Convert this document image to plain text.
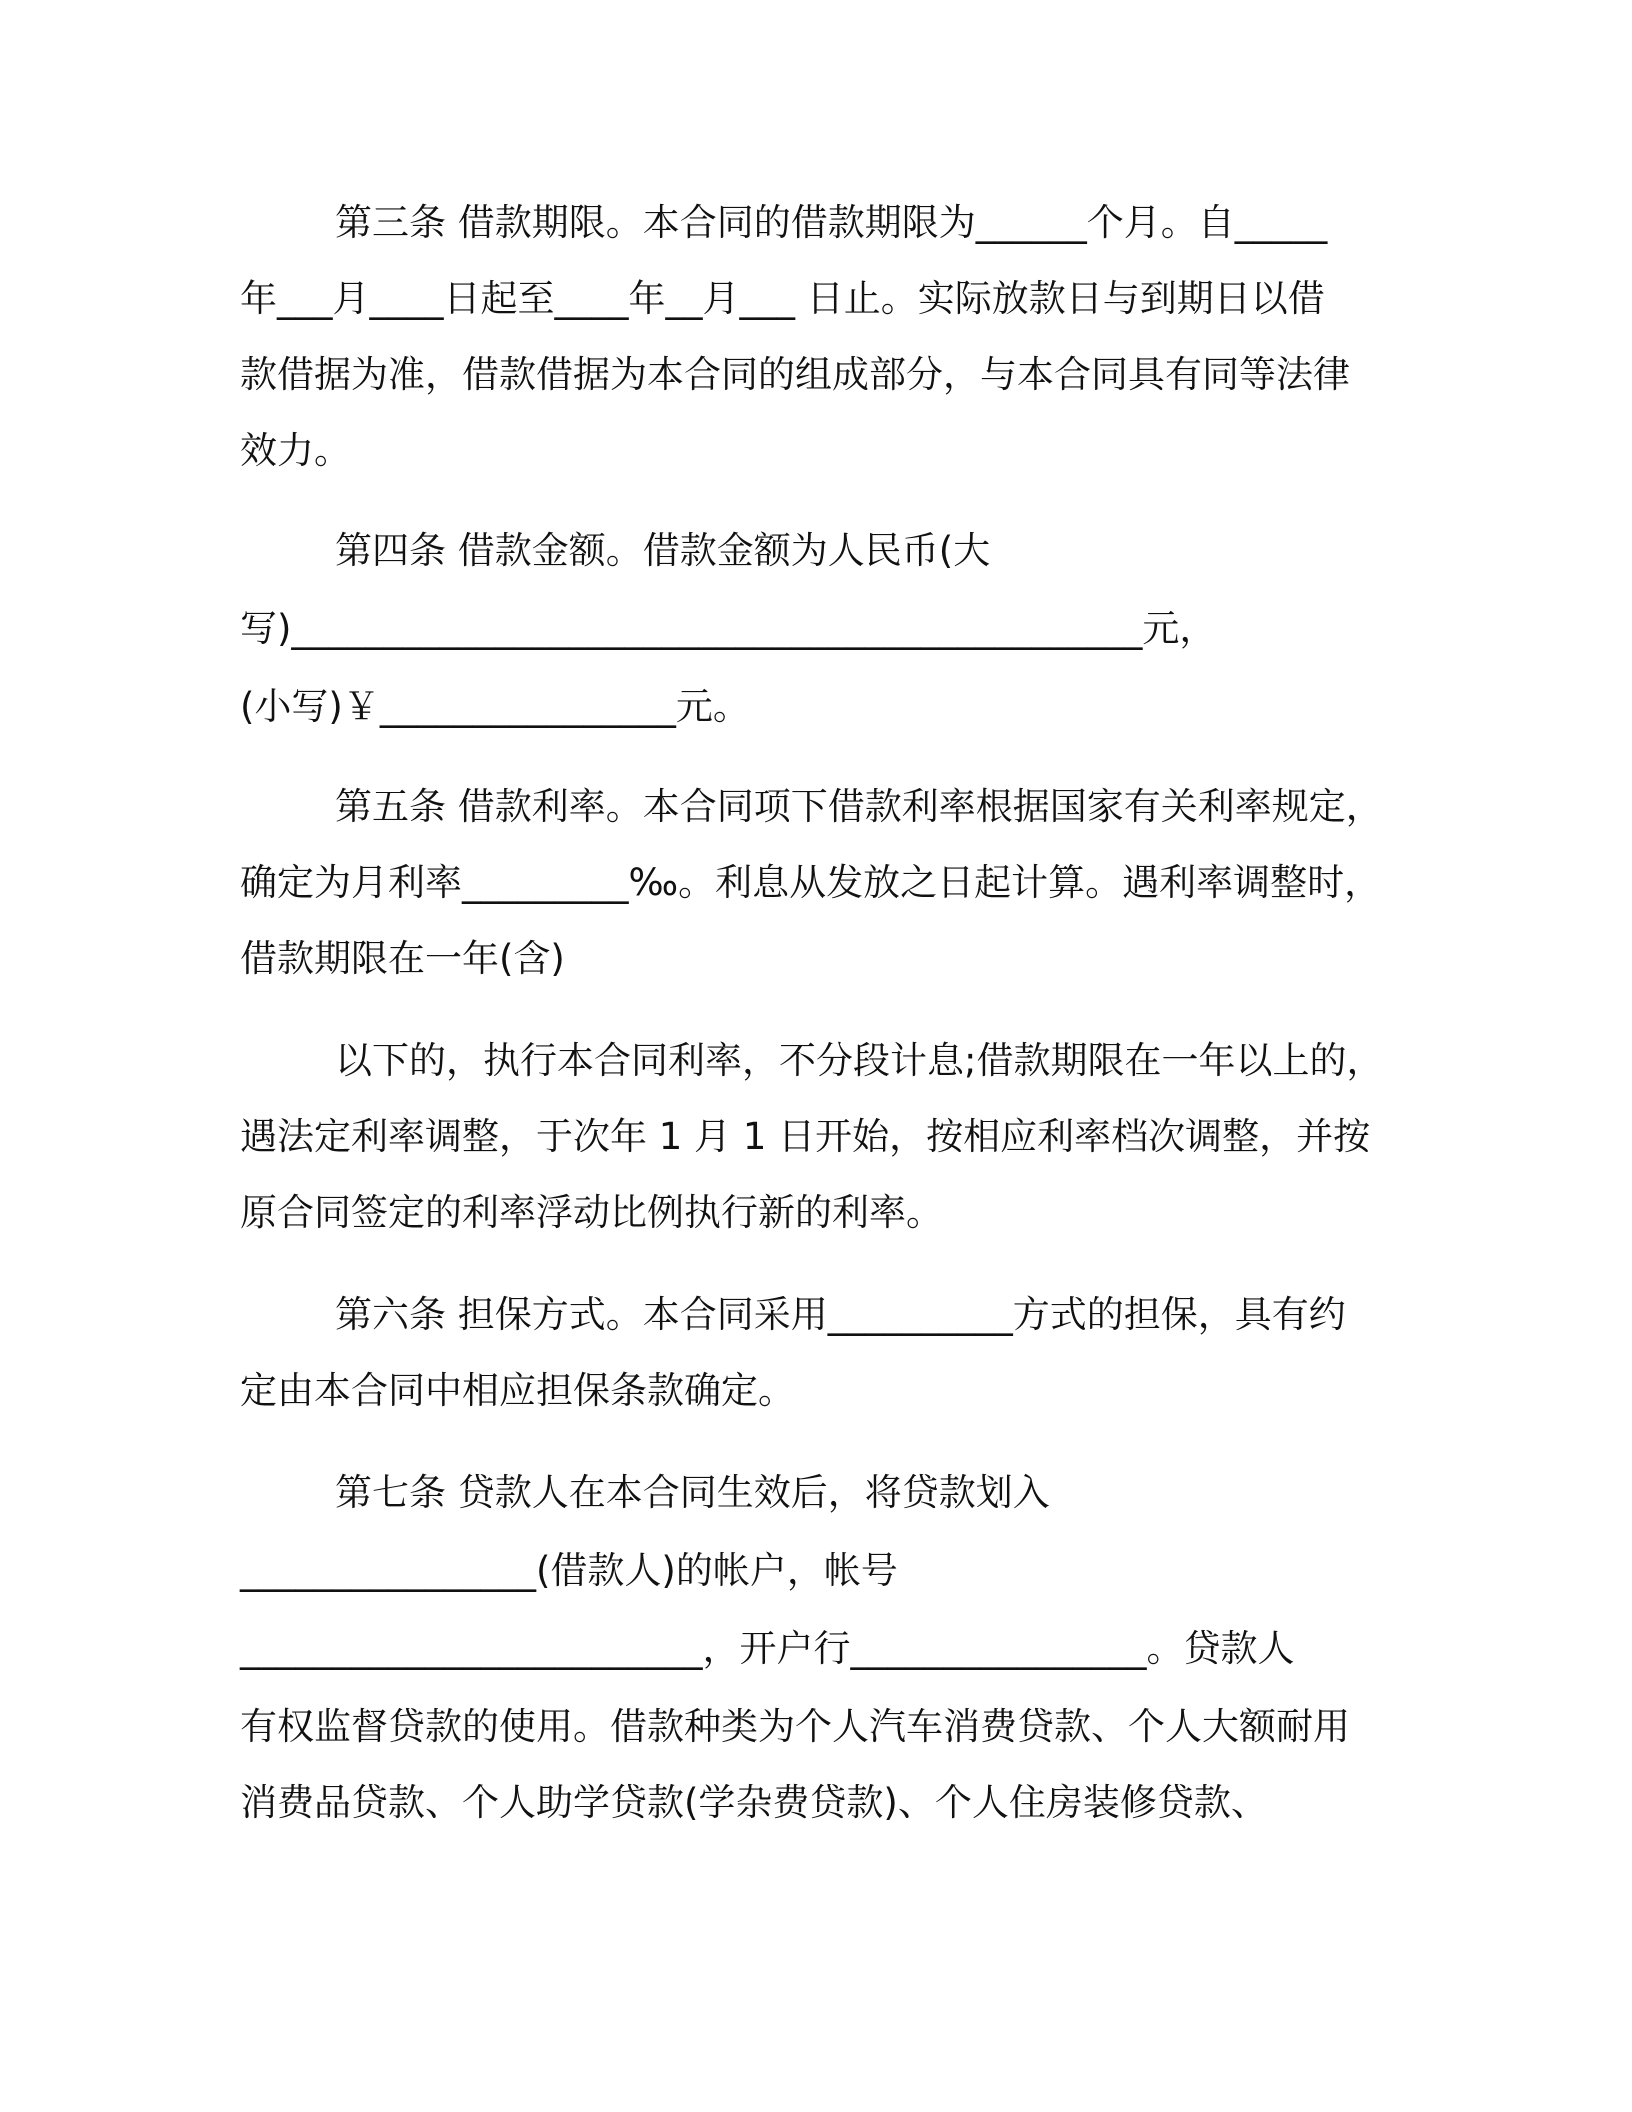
第三条 借款期限。本合同的借款期限为______个月。自_____
年___月____日起至____年__月___ 日止。实际放款日与到期日以借
款借据为准，借款借据为本合同的组成部分，与本合同具有同等法律
效力。
第四条 借款金额。借款金额为人民币(大
写)______________________________________________元，
(小写)￥________________元。
第五条 借款利率。本合同项下借款利率根据国家有关利率规定，
确定为月利率_________‰。利息从发放之日起计算。遇利率调整时，
借款期限在一年(含)
以下的，执行本合同利率，不分段计息;借款期限在一年以上的，
遇法定利率调整，于次年 1 月 1 日开始，按相应利率档次调整，并按
原合同签定的利率浮动比例执行新的利率。
第六条 担保方式。本合同采用__________方式的担保，具有约
定由本合同中相应担保条款确定。
第七条 贷款人在本合同生效后，将贷款划入
________________(借款人)的帐户，帐号
_________________________，开户行________________。贷款人
有权监督贷款的使用。借款种类为个人汽车消费贷款、个人大额耐用
消费品贷款、个人助学贷款(学杂费贷款)、个人住房装修贷款、
